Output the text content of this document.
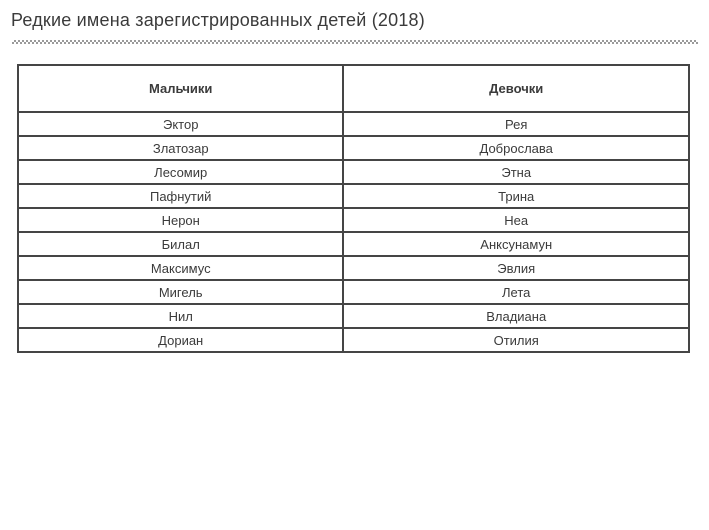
Редкие имена зарегистрированных детей (2018)
Мальчики	Девочки
Эктор	Рея
Златозар	Доброслава
Лесомир	Этна
Пафнутий	Трина
Нерон	Неа
Билал	Анксунамун
Максимус	Эвлия
Мигель	Лета
Нил	Владиана
Дориан	Отилия
